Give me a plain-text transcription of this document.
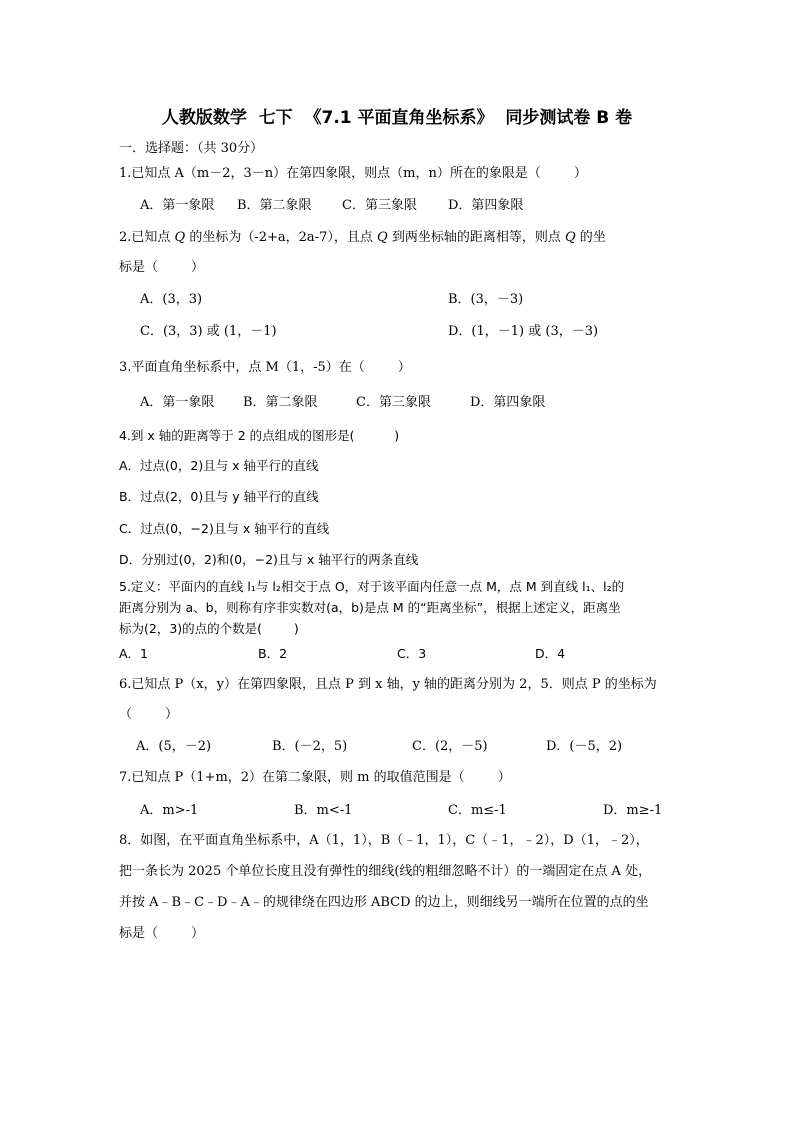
人教版数学  七下  《7.1 平面直角坐标系》  同步测试卷 B 卷
一．选择题：（共 30分）
1.已知点 A（m－2，3－n）在第四象限，则点（m，n）所在的象限是（        ）
A．第一象限 B．第二象限 C．第三象限 D．第四象限
2.已知点 Q 的坐标为（-2+a，2a-7），且点 Q 到两坐标轴的距离相等，则点 Q 的坐
标是（        ）
A．(3，3)	B．(3，－3)
C．(3，3) 或 (1，－1)	D．(1，－1) 或 (3，－3)
3.平面直角坐标系中，点 M（1，-5）在（        ）
A．第一象限 B．第二象限	C．第三象限	D．第四象限
4.到 x 轴的距离等于 2 的点组成的图形是(          )
A．过点(0，2)且与 x 轴平行的直线
B．过点(2，0)且与 y 轴平行的直线
C．过点(0，−2)且与 x 轴平行的直线
D．分别过(0，2)和(0，−2)且与 x 轴平行的两条直线
5.定义：平面内的直线 l₁与 l₂相交于点 O，对于该平面内任意一点 M，点 M 到直线 l₁、l₂的
距离分别为 a、b，则称有序非实数对(a，b)是点 M 的“距离坐标”，根据上述定义，距离坐
标为(2，3)的点的个数是(        )
A．1	B．2	C．3	D．4
6.已知点 P（x，y）在第四象限，且点 P 到 x 轴，y 轴的距离分别为 2，5．则点 P 的坐标为
（        ）
A．(5，－2)	B．(－2，5)	C．(2，－5)	D．(－5，2)
7.已知点 P（1+m，2）在第二象限，则 m 的取值范围是（        ）
A．m>-1	B．m<-1	C．m≤-1	D．m≥-1
8．如图，在平面直角坐标系中，A（1，1），B（﹣1，1），C（﹣1，﹣2），D（1，﹣2），
把一条长为 2025 个单位长度且没有弹性的细线(线的粗细忽略不计）的一端固定在点 A 处，
并按 A﹣B﹣C﹣D﹣A﹣的规律绕在四边形 ABCD 的边上，则细线另一端所在位置的点的坐
标是（        ）
